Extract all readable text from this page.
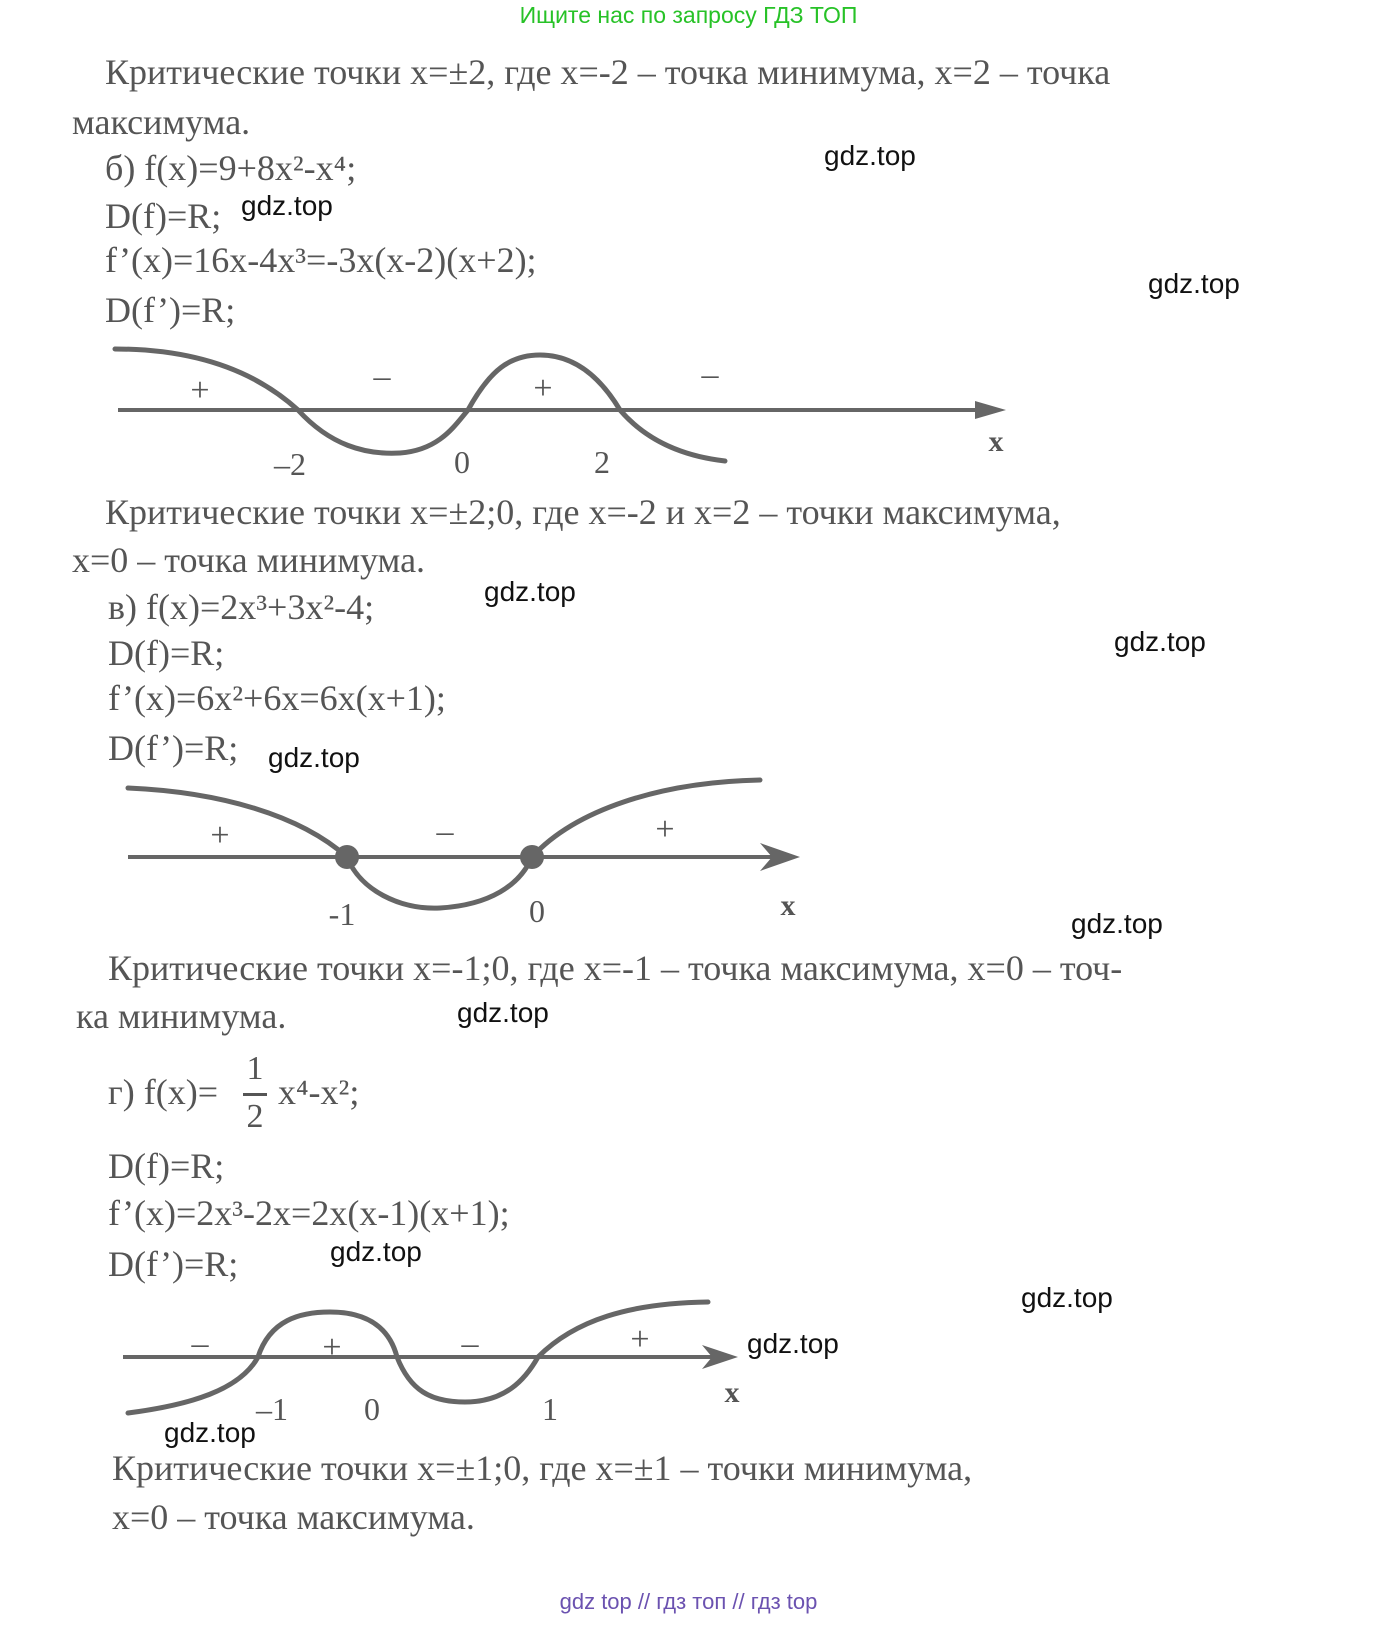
Ищите нас по запросу ГДЗ ТОП
Критические точки x=±2, где x=-2 – точка минимума, x=2 – точка
максимума.
б) f(x)=9+8x²-x⁴;
D(f)=R;
f’(x)=16x-4x³=-3x(x-2)(x+2);
D(f’)=R;
+	–	+	–
–2	0	2
x
Критические точки x=±2;0, где x=-2 и x=2 – точки максимума,
x=0 – точка минимума.
в) f(x)=2x³+3x²-4;
D(f)=R;
f’(x)=6x²+6x=6x(x+1);
D(f’)=R;
+	–	+
-1	0	x
Критические точки x=-1;0, где x=-1 – точка максимума, x=0 – точ-
ка минимума.
г) f(x)=
1
2
x⁴-x²;
D(f)=R;
f’(x)=2x³-2x=2x(x-1)(x+1);
D(f’)=R;
–	+	–	+
–1 0	1	x
Критические точки x=±1;0, где x=±1 – точки минимума,
x=0 – точка максимума.
gdz.top
gdz.top
gdz.top
gdz.top
gdz.top
gdz.top
gdz.top
gdz.top
gdz.top
gdz.top
gdz.top
gdz.top
gdz top // гдз топ // гдз top
